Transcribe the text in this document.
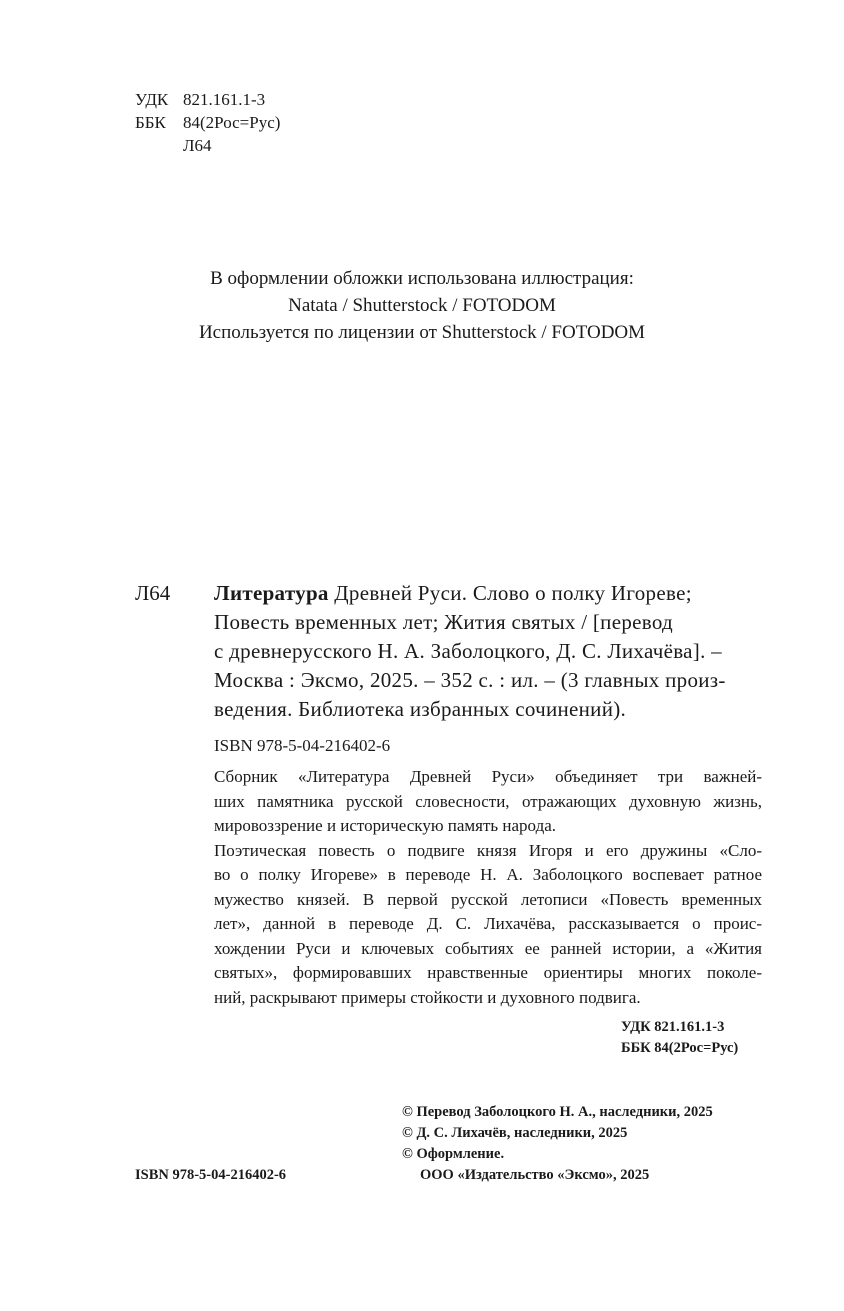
УДК 821.161.1-3
ББК 84(2Рос=Рус)
Л64
В оформлении обложки использована иллюстрация:
Natata / Shutterstock / FOTODOM
Используется по лицензии от Shutterstock / FOTODOM
Л64 Литература Древней Руси. Слово о полку Игореве;
Повесть временных лет; Жития святых / [перевод
с древнерусского Н. А. Заболоцкого, Д. С. Лихачёва]. –
Москва : Эксмо, 2025. – 352 с. : ил. – (3 главных произ-
ведения. Библиотека избранных сочинений).
ISBN 978-5-04-216402-6

Сборник «Литература Древней Руси» объединяет три важней-

ших памятника русской словесности, отражающих духовную жизнь,

мировоззрение и историческую память народа.

Поэтическая повесть о подвиге князя Игоря и его дружины «Сло-

во о полку Игореве» в переводе Н. А. Заболоцкого воспевает ратное

мужество князей. В первой русской летописи «Повесть временных

лет», данной в переводе Д. С. Лихачёва, рассказывается о проис-

хождении Руси и ключевых событиях ее ранней истории, а «Жития

святых», формировавших нравственные ориентиры многих поколе-

ний, раскрывают примеры стойкости и духовного подвига.

УДК 821.161.1-3
ББК 84(2Рос=Рус)
© Перевод Заболоцкого Н. А., наследники, 2025
© Д. С. Лихачёв, наследники, 2025
© Оформление.
ООО «Издательство «Эксмо», 2025
ISBN 978-5-04-216402-6
